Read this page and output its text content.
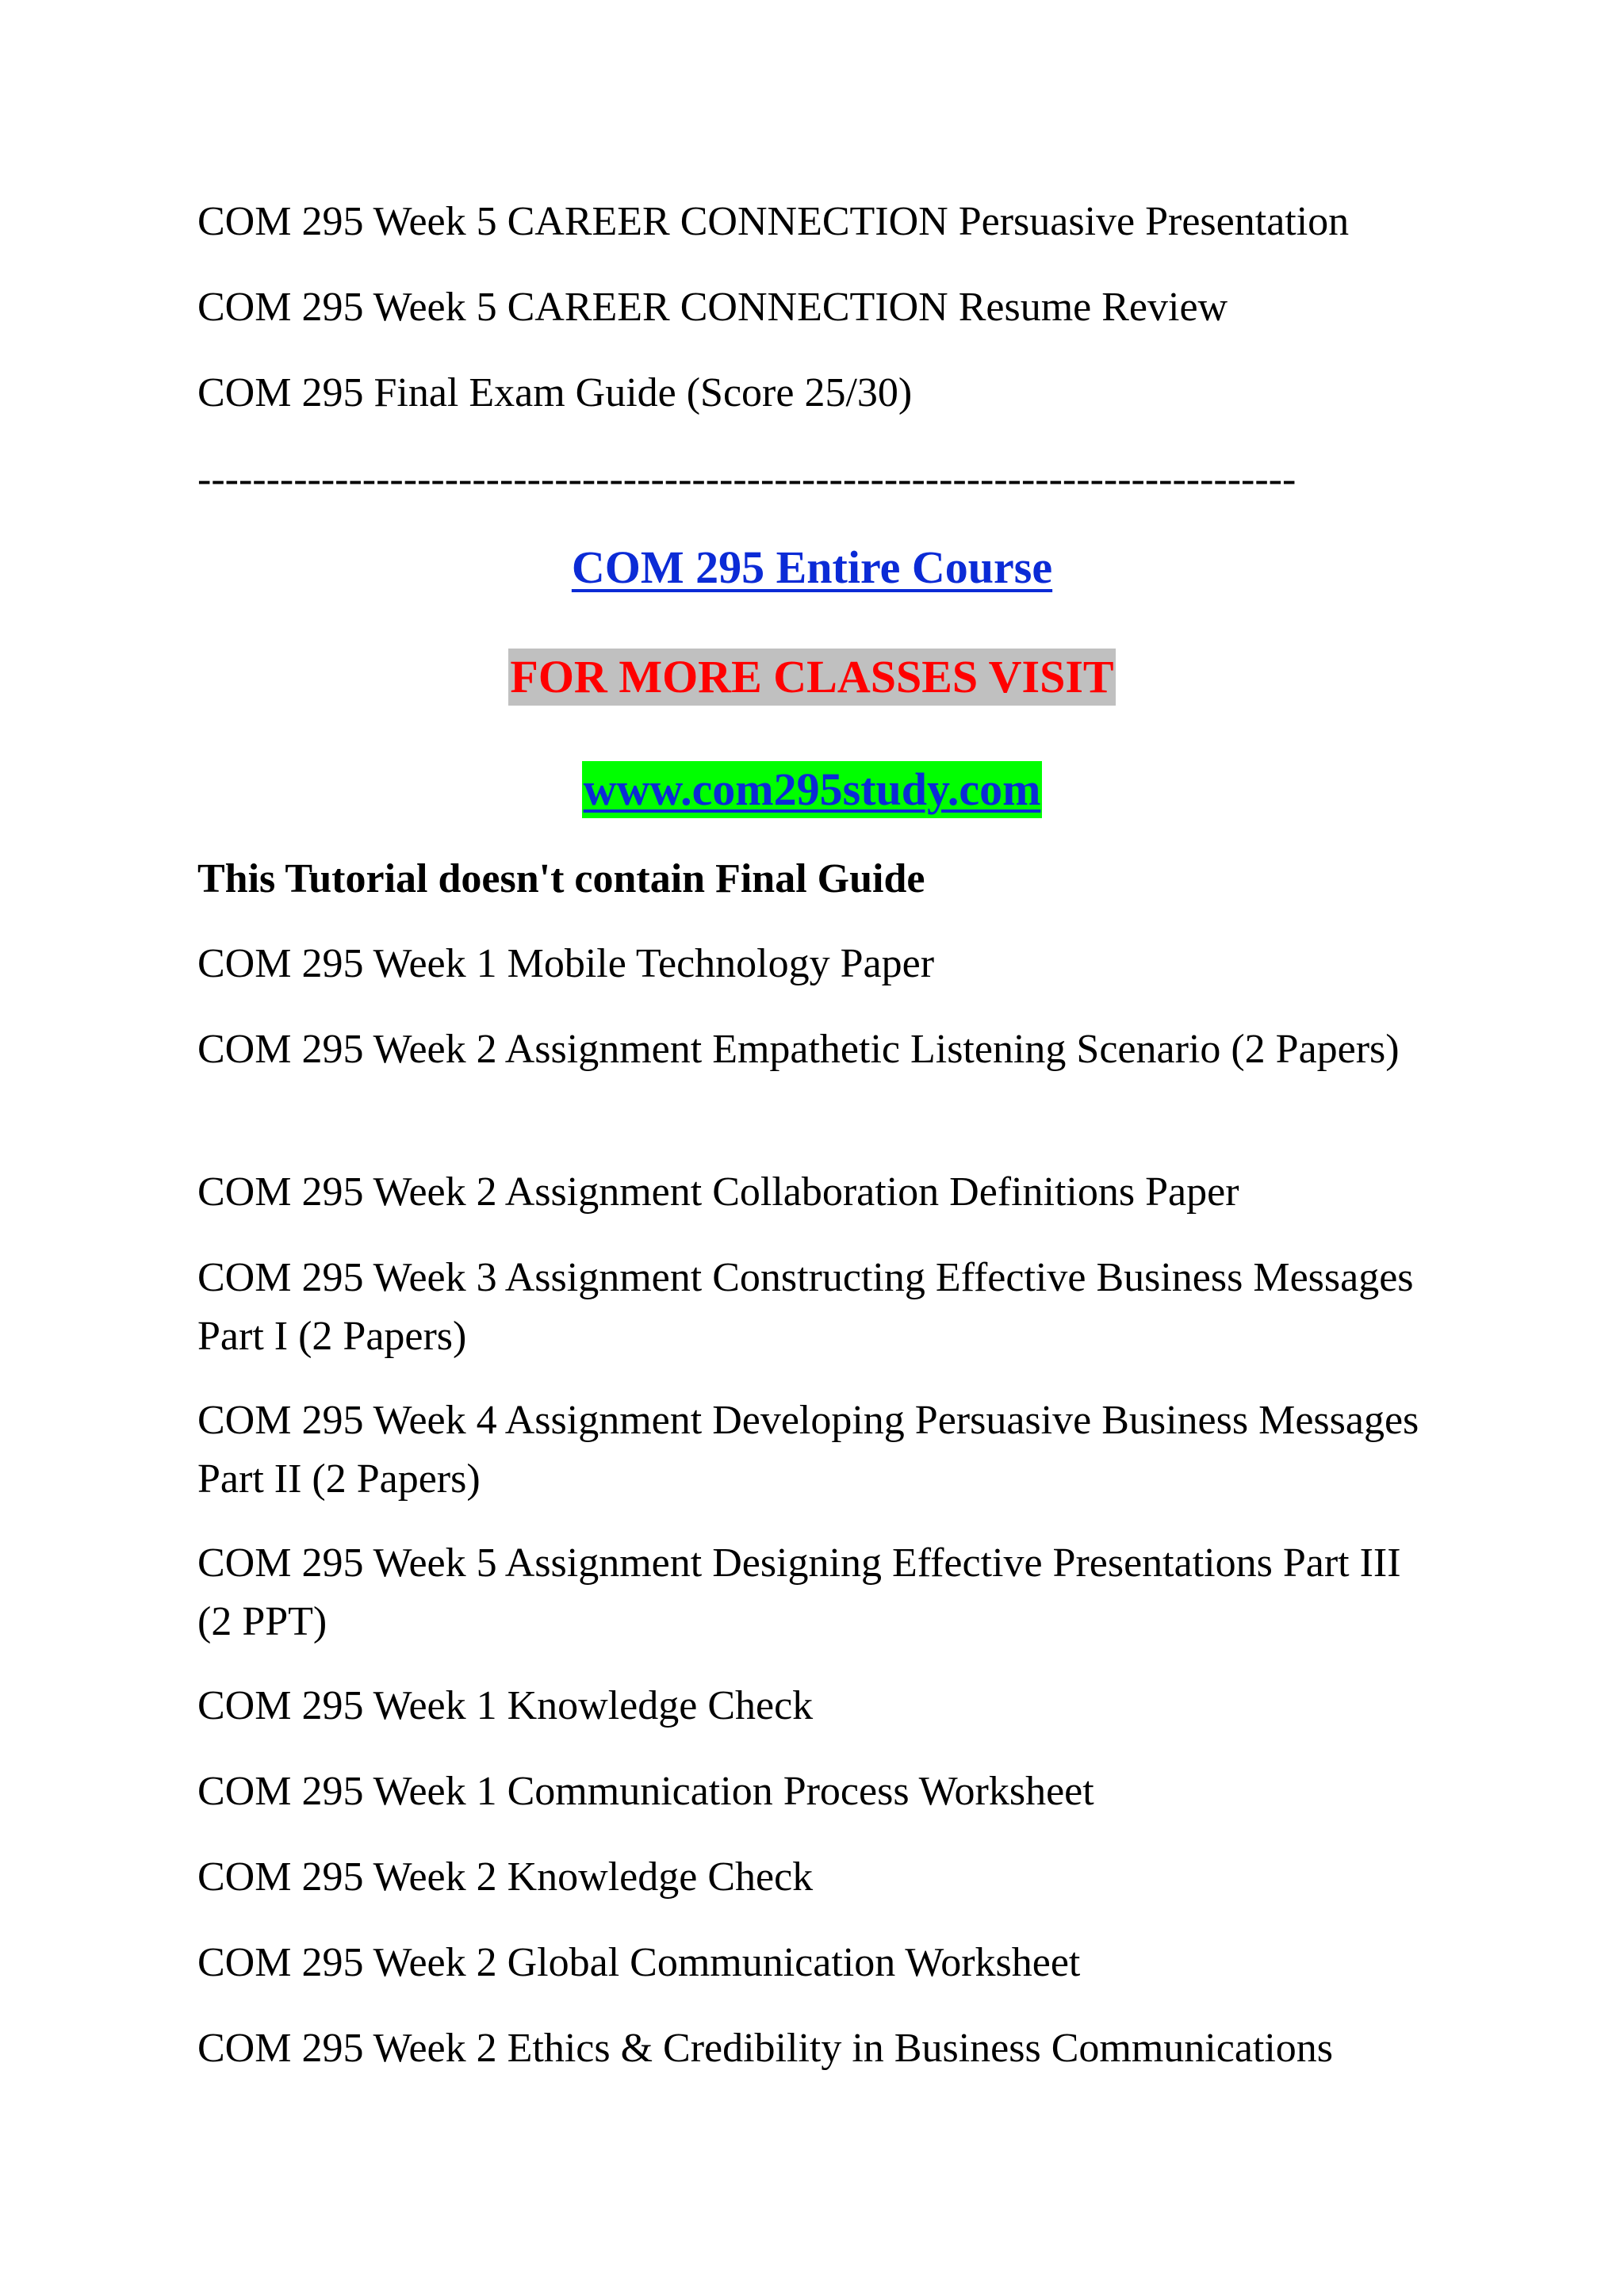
COM 295 Week 5 CAREER CONNECTION Persuasive Presentation
COM 295 Week 5 CAREER CONNECTION Resume Review
COM 295 Final Exam Guide (Score 25/30)
--------------------------------------------------------------------------------
COM 295 Entire Course
FOR MORE CLASSES VISIT
www.com295study.com
This Tutorial doesn't contain Final Guide
COM 295 Week 1 Mobile Technology Paper
COM 295 Week 2 Assignment Empathetic Listening Scenario (2 Papers)
COM 295 Week 2 Assignment Collaboration Definitions Paper
COM 295 Week 3 Assignment Constructing Effective Business Messages Part I (2 Papers)
COM 295 Week 4 Assignment Developing Persuasive Business Messages Part II (2 Papers)
COM 295 Week 5 Assignment Designing Effective Presentations Part III (2 PPT)
COM 295 Week 1 Knowledge Check
COM 295 Week 1 Communication Process Worksheet
COM 295 Week 2 Knowledge Check
COM 295 Week 2 Global Communication Worksheet
COM 295 Week 2 Ethics & Credibility in Business Communications
